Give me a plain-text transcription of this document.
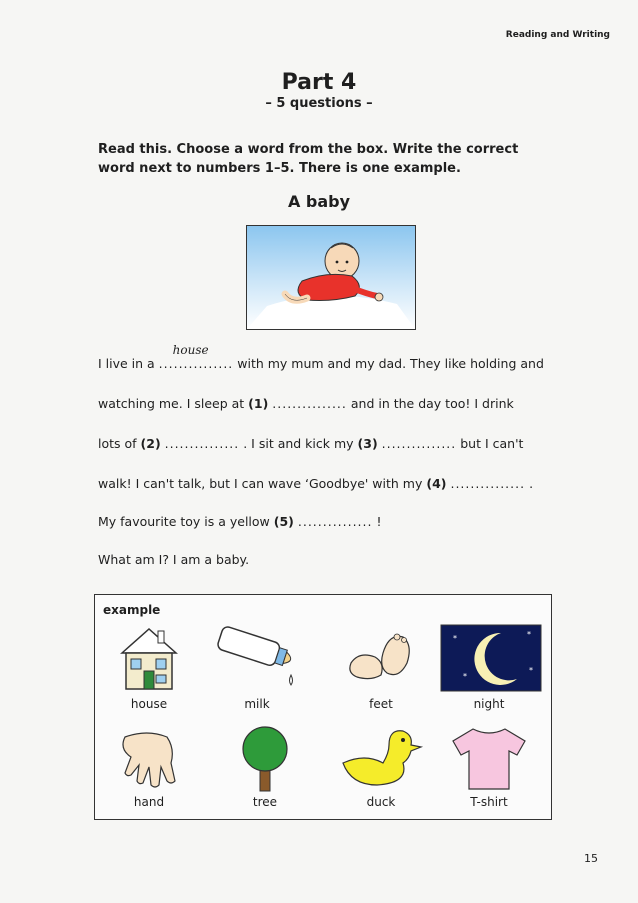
Reading and Writing
Part 4
– 5 questions –
Read this. Choose a word from the box. Write the correct word next to numbers 1–5. There is one example.
A baby
I live in a ...............
house
with my mum and my dad. They like holding and
watching me. I sleep at (1) ............... and in the day too! I drink
lots of (2) ............... . I sit and kick my (3) ............... but I can't
walk! I can't talk, but I can wave ‘Goodbye' with my (4) ............... .
My favourite toy is a yellow (5) ............... !
What am I? I am a baby.
example
house	milk	feet
*	*
*
*
night
hand	tree	duck	T-shirt
15
